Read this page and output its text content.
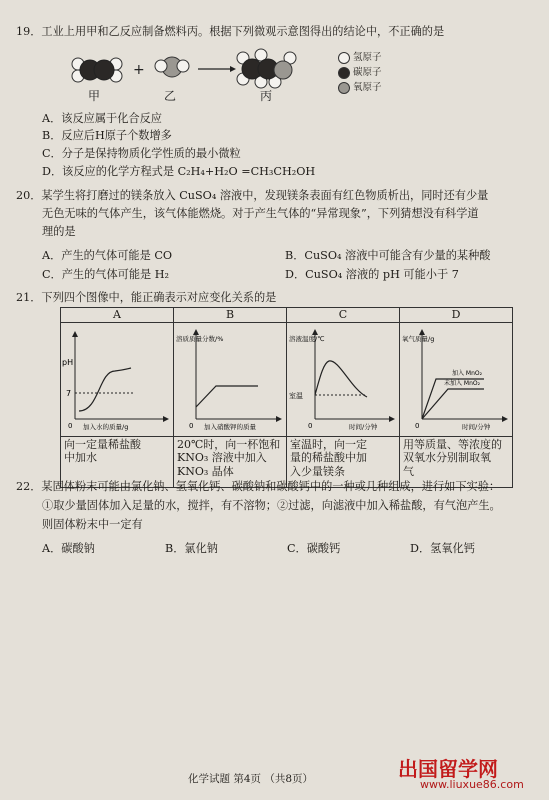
19．工业上用甲和乙反应制备燃料丙。根据下列微观示意图得出的结论中，不正确的是
+
甲	乙	丙
氢原子
碳原子
氧原子
A．该反应属于化合反应
B．反应后H原子个数增多
C．分子是保持物质化学性质的最小微粒
D．该反应的化学方程式是 C₂H₄+H₂O =CH₃CH₂OH
20．某学生将打磨过的镁条放入 CuSO₄ 溶液中，发现镁条表面有红色物质析出，同时还有少量
无色无味的气体产生，该气体能燃烧。对于产生气体的“异常现象”，下列猜想没有科学道
理的是
A．产生的气体可能是 CO	B．CuSO₄ 溶液中可能含有少量的某种酸
C．产生的气体可能是 H₂	D．CuSO₄ 溶液的 pH 可能小于 7
21．下列四个图像中，能正确表示对应变化关系的是
A	B	C	D

pH
7
0 加入水的质量/g	溶质质量分数/%
0 加入硝酸钾的质量	溶液温度/℃
室温
0 时间/分钟	氧气质量/g
加入 MnO₂
未加入 MnO₂
0 时间/分钟

向一定量稀盐酸
中加水	20℃时，向一杯饱和
KNO₃ 溶液中加入
KNO₃ 晶体	室温时，向一定
量的稀盐酸中加
入少量镁条	用等质量、等浓度的
双氧水分别制取氧
气
22．某固体粉末可能由氯化钠、氢氧化钙、碳酸钠和碳酸钙中的一种或几种组成，进行如下实验：
①取少量固体加入足量的水，搅拌，有不溶物；②过滤，向滤液中加入稀盐酸，有气泡产生。
则固体粉末中一定有
A．碳酸钠	B．氯化钠	C．碳酸钙	D．氢氧化钙
化学试题 第4页 （共8页）	出国留学网
www.liuxue86.com
